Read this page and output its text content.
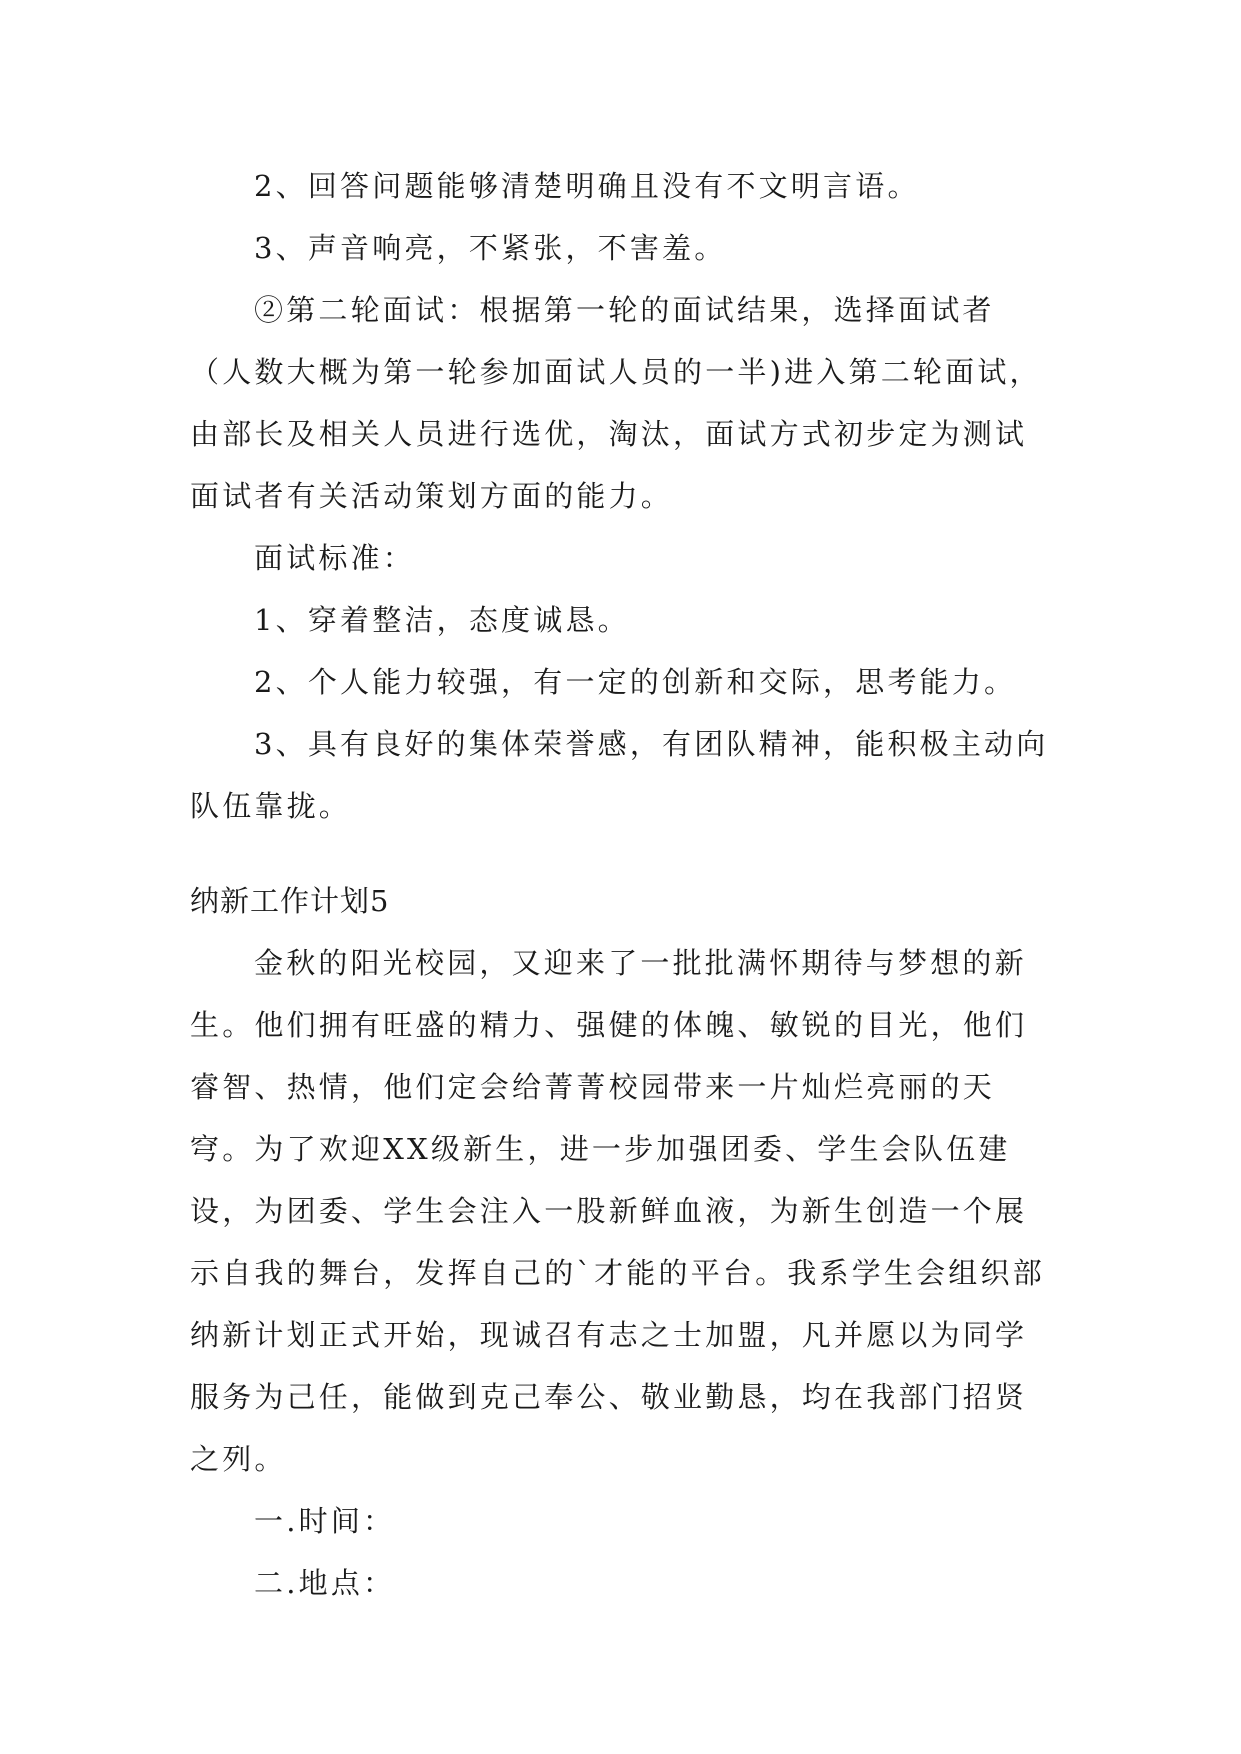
2、回答问题能够清楚明确且没有不文明言语。

3、声音响亮，不紧张，不害羞。

②第二轮面试：根据第一轮的面试结果，选择面试者（人数大概为第一轮参加面试人员的一半)进入第二轮面试，由部长及相关人员进行选优，淘汰，面试方式初步定为测试面试者有关活动策划方面的能力。

面试标准：

1、穿着整洁，态度诚恳。

2、个人能力较强，有一定的创新和交际，思考能力。

3、具有良好的集体荣誉感，有团队精神，能积极主动向队伍靠拢。

纳新工作计划5

金秋的阳光校园，又迎来了一批批满怀期待与梦想的新生。他们拥有旺盛的精力、强健的体魄、敏锐的目光，他们睿智、热情，他们定会给菁菁校园带来一片灿烂亮丽的天穹。为了欢迎XX级新生，进一步加强团委、学生会队伍建设，为团委、学生会注入一股新鲜血液，为新生创造一个展示自我的舞台，发挥自己的`才能的平台。我系学生会组织部纳新计划正式开始，现诚召有志之士加盟，凡并愿以为同学服务为己任，能做到克己奉公、敬业勤恳，均在我部门招贤之列。

一.时间：

二.地点：
